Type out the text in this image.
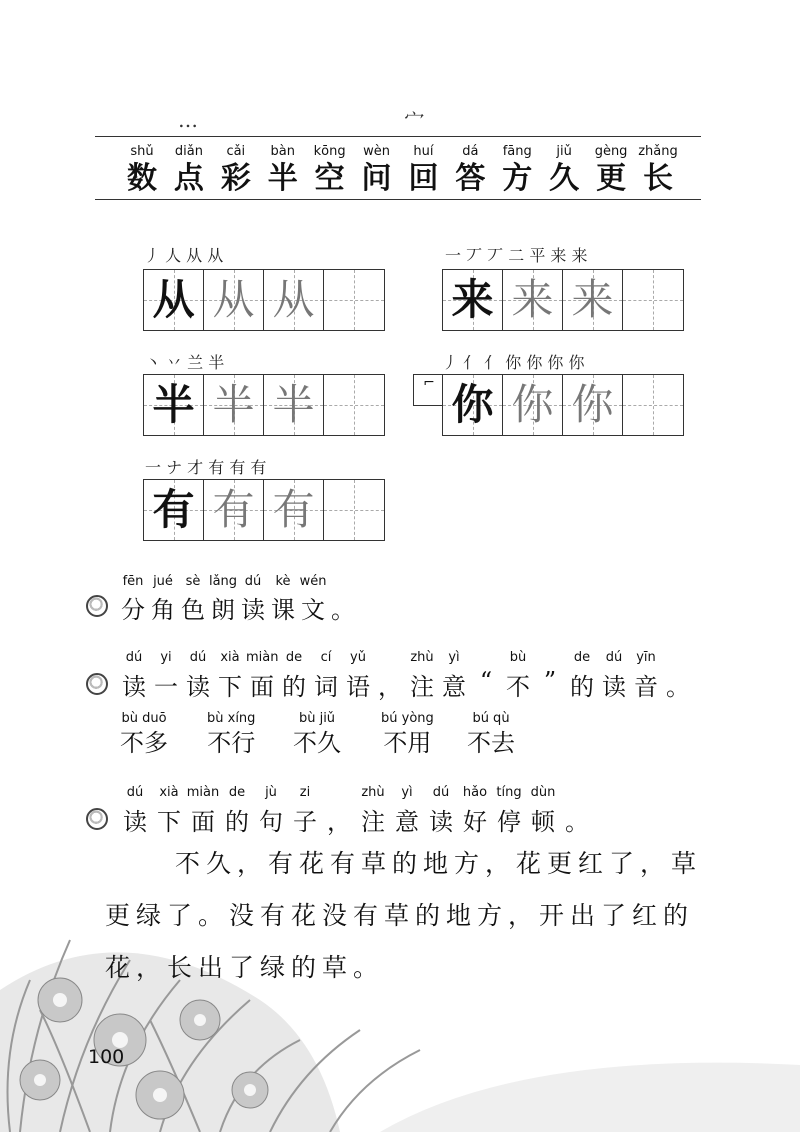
… 宀
shǔ
数
diǎn
点
cǎi
彩
bàn
半
kōng
空
wèn
问
huí
回
dá
答
fāng
方
jiǔ
久
gèng
更
zhǎng
长
丿 人 从 从
从 从 从
一 丆 丆 二 平 来 来
来 来 来
丶 丷 兰 半
半 半 半
丿 亻 亻 你 你 你 你
⌐ 你 你 你
一 ナ 才 有 有 有
有 有 有
fēn jué sè lǎng dú	kè wén
分 角 色 朗 读 课 文 。
dú	yi	dú	xià miàn de	cí	yǔ	zhù	yì	bù	de	dú	yīn
读 一 读 下 面 的 词 语 ， 注 意 “ 不 ” 的 读 音 。
bù duō
不多
bù xíng
不行
bù jiǔ
不久
bú yòng
不用
bú qù
不去
dú	xià miàn de	jù	zi	zhù	yì	dú	hǎo tíng dùn
读 下 面 的 句 子 ， 注 意 读 好 停 顿 。
不久，有花有草的地方，花更红了，草
更绿了。没有花没有草的地方，开出了红的
花，长出了绿的草。
100
